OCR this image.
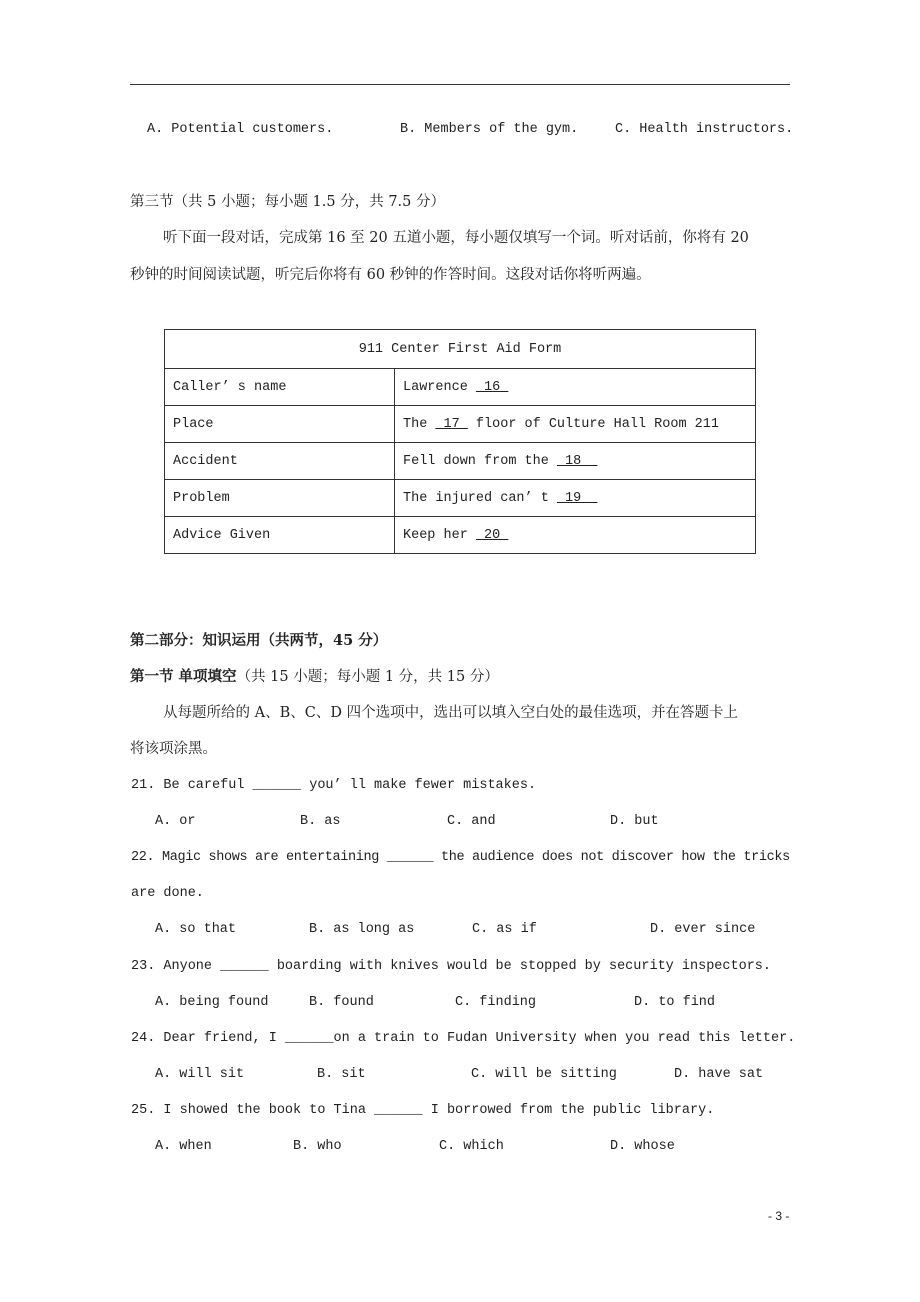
A. Potential customers.	B. Members of the gym.	C. Health instructors.
第三节（共 5 小题；每小题 1.5 分，共 7.5 分）
听下面一段对话，完成第 16 至 20 五道小题，每小题仅填写一个词。听对话前，你将有 20
秒钟的时间阅读试题，听完后你将有 60 秒钟的作答时间。这段对话你将听两遍。
911 Center First Aid Form	
Caller’ s name	Lawrence  16
Place	The  17  floor of Culture Hall Room 211
Accident	Fell down from the  18
Problem	The injured can’ t  19
Advice Given	Keep her  20
第二部分：知识运用（共两节，45 分）
第一节 单项填空（共 15 小题；每小题 1 分，共 15 分）
从每题所给的 A、B、C、D 四个选项中，选出可以填入空白处的最佳选项，并在答题卡上
将该项涂黑。
21. Be careful ______ you’ ll make fewer mistakes.
A. or	B. as	C. and	D. but
22. Magic shows are entertaining ______ the audience does not discover how the tricks
are done.
A. so that	B. as long as	C. as if	D. ever since
23. Anyone ______ boarding with knives would be stopped by security inspectors.
A. being found	B. found	C. finding	D. to find
24. Dear friend, I ______on a train to Fudan University when you read this letter.
A. will sit	B. sit	C. will be sitting	D. have sat
25. I showed the book to Tina ______ I borrowed from the public library.
A. when	B. who	C. which	D. whose
- 3 -
